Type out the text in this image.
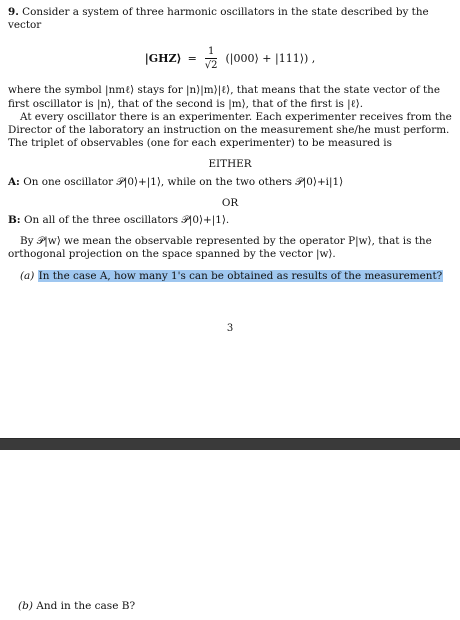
9. Consider a system of three harmonic oscillators in the state described by the vector

|GHZ⟩ = $\frac{1}{√2}$ (|000⟩ + |111⟩) ,

where the symbol |nmℓ⟩ stays for |n⟩|m⟩|ℓ⟩, that means that the state vector of the first oscillator is |n⟩, that of the second is |m⟩, that of the first is |ℓ⟩.

At every oscillator there is an experimenter. Each experimenter receives from the Director of the laboratory an instruction on the measurement she/he must perform. The triplet of observables (one for each experimenter) to be measured is

EITHER

A: On one oscillator 𝒫|0⟩+|1⟩, while on the two others 𝒫|0⟩+i|1⟩

OR

B: On all of the three oscillators 𝒫|0⟩+|1⟩.

By 𝒫|w⟩ we mean the observable represented by the operator P|w⟩, that is the orthogonal projection on the space spanned by the vector |w⟩.

(a) In the case A, how many 1's can be obtained as results of the measurement?

3
(b) And in the case B?
